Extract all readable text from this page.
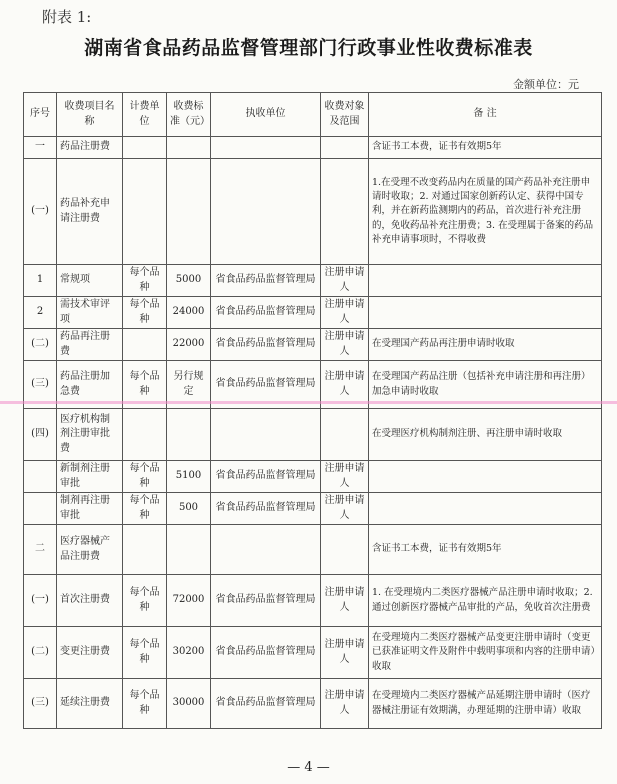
附表 1:
湖南省食品药品监督管理部门行政事业性收费标准表
金额单位：元
序号	收费项目名称	计费单位	收费标准（元）	执收单位	收费对象及范围	备 注
一	药品注册费					含证书工本费，证书有效期5年
(一)	药品补充申请注册费					1.在受理不改变药品内在质量的国产药品补充注册申请时收取；2. 对通过国家创新药认定、获得中国专利，并在新药监测期内的药品，首次进行补充注册的，免收药品补充注册费；3. 在受理属于备案的药品补充申请事项时，不得收费
1	常规项	每个品种	5000	省食品药品监督管理局	注册申请人	
2	需技术审评项	每个品种	24000	省食品药品监督管理局	注册申请人	
(二)	药品再注册费		22000	省食品药品监督管理局	注册申请人	在受理国产药品再注册申请时收取
(三)	药品注册加急费	每个品种	另行规定	省食品药品监督管理局	注册申请人	在受理国产药品注册（包括补充申请注册和再注册）加急申请时收取
(四)	医疗机构制剂注册审批费					在受理医疗机构制剂注册、再注册申请时收取
	新制剂注册审批	每个品种	5100	省食品药品监督管理局	注册申请人	
	制剂再注册审批	每个品种	500	省食品药品监督管理局	注册申请人	
二	医疗器械产品注册费					含证书工本费，证书有效期5年
(一)	首次注册费	每个品种	72000	省食品药品监督管理局	注册申请人	1. 在受理境内二类医疗器械产品注册申请时收取；2. 通过创新医疗器械产品审批的产品，免收首次注册费
(二)	变更注册费	每个品种	30200	省食品药品监督管理局	注册申请人	在受理境内二类医疗器械产品变更注册申请时（变更已获准证明文件及附件中载明事项和内容的注册申请）收取
(三)	延续注册费	每个品种	30000	省食品药品监督管理局	注册申请人	在受理境内二类医疗器械产品延期注册申请时（医疗器械注册证有效期满，办理延期的注册申请）收取
— 4 —
